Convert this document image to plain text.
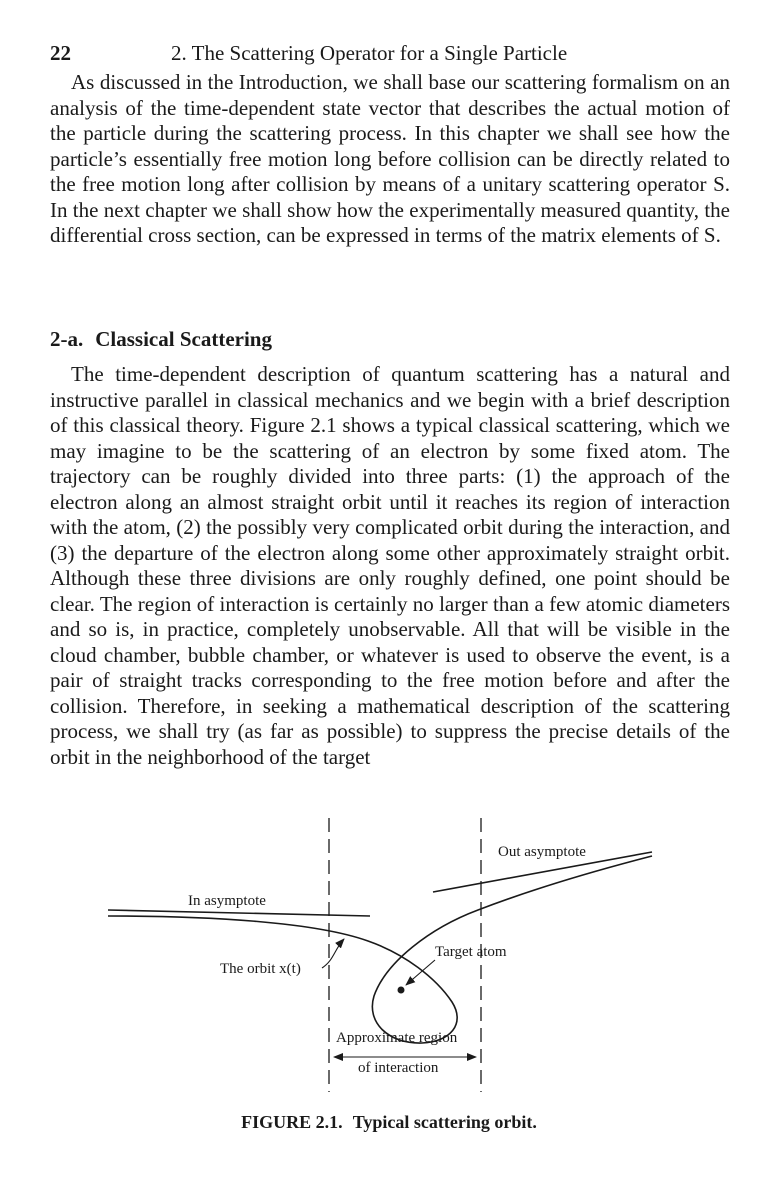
22	2. The Scattering Operator for a Single Particle

As discussed in the Introduction, we shall base our scattering formalism on an analysis of the time-dependent state vector that describes the actual motion of the particle during the scattering process. In this chapter we shall see how the particle’s essentially free motion long before collision can be directly related to the free motion long after collision by means of a unitary scattering operator S. In the next chapter we shall show how the experimentally measured quantity, the differential cross section, can be expressed in terms of the matrix elements of S.

2-a. Classical Scattering

The time-dependent description of quantum scattering has a natural and instructive parallel in classical mechanics and we begin with a brief description of this classical theory. Figure 2.1 shows a typical classical scattering, which we may imagine to be the scattering of an electron by some fixed atom. The trajectory can be roughly divided into three parts: (1) the approach of the electron along an almost straight orbit until it reaches its region of interaction with the atom, (2) the possibly very complicated orbit during the interaction, and (3) the departure of the electron along some other approximately straight orbit. Although these three divisions are only roughly defined, one point should be clear. The region of interaction is certainly no larger than a few atomic diameters and so is, in practice, completely unobservable. All that will be visible in the cloud chamber, bubble chamber, or whatever is used to observe the event, is a pair of straight tracks corresponding to the free motion before and after the collision. Therefore, in seeking a mathematical description of the scattering process, we shall try (as far as possible) to suppress the precise details of the orbit in the neighborhood of the target

In asymptote
Out asymptote
The orbit x(t)
Target atom
Approximate region
of interaction
FIGURE 2.1. Typical scattering orbit.
